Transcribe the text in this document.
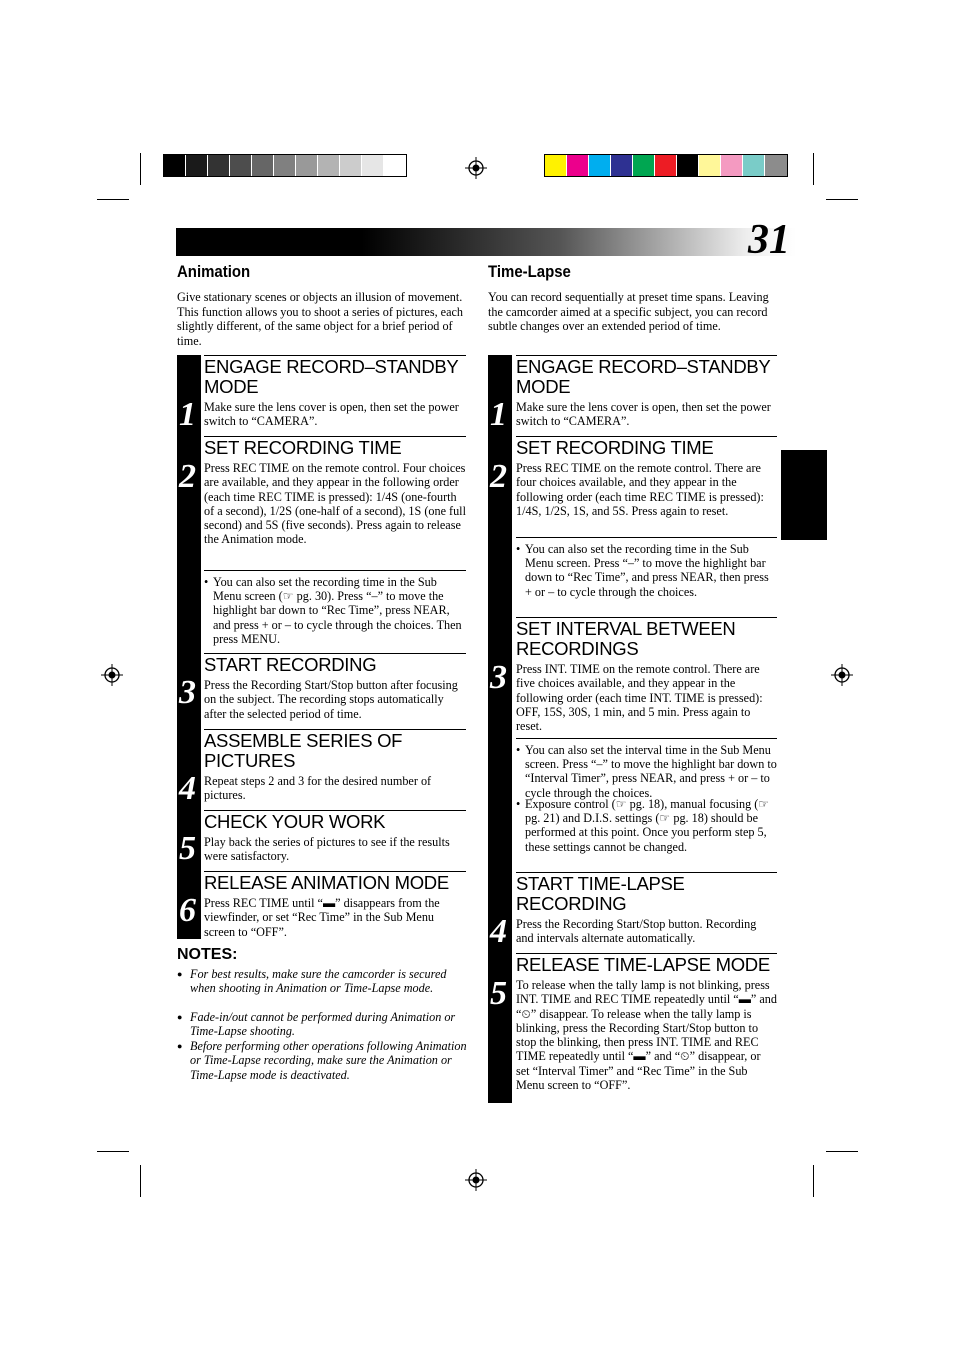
31
Animation
Give stationary scenes or objects an illusion of movement. This function allows you to shoot a series of pictures, each slightly different, of the same object for a brief period of time.
1
ENGAGE RECORD–STANDBY MODE

Make sure the lens cover is open, then set the power switch to “CAMERA”.

2
SET RECORDING TIME

Press REC TIME on the remote control. Four choices are available, and they appear in the following order (each time REC TIME is pressed): 1/4S (one-fourth of a second), 1/2S (one-half of a second), 1S (one full second) and 5S (five seconds). Press again to release the Animation mode.

• You can also set the recording time in the Sub Menu screen (☞ pg. 30). Press “–” to move the highlight bar down to “Rec Time”, press NEAR, and press + or – to cycle through the choices. Then press MENU.
3
START RECORDING

Press the Recording Start/Stop button after focusing on the subject. The recording stops automatically after the selected period of time.

4
ASSEMBLE SERIES OF PICTURES

Repeat steps 2 and 3 for the desired number of pictures.

5
CHECK YOUR WORK

Play back the series of pictures to see if the results were satisfactory.

6
RELEASE ANIMATION MODE

Press REC TIME until “▬” disappears from the viewfinder, or set “Rec Time” in the Sub Menu screen to “OFF”.

NOTES:
● For best results, make sure the camcorder is secured when shooting in Animation or Time-Lapse mode.
● Fade-in/out cannot be performed during Animation or Time-Lapse shooting.
● Before performing other operations following Animation or Time-Lapse recording, make sure the Animation or Time-Lapse mode is deactivated.
Time-Lapse
You can record sequentially at preset time spans. Leaving the camcorder aimed at a specific subject, you can record subtle changes over an extended period of time.
1
ENGAGE RECORD–STANDBY MODE

Make sure the lens cover is open, then set the power switch to “CAMERA”.

2
SET RECORDING TIME

Press REC TIME on the remote control. There are four choices available, and they appear in the following order (each time REC TIME is pressed): 1/4S, 1/2S, 1S, and 5S. Press again to reset.

• You can also set the recording time in the Sub Menu screen. Press “–” to move the highlight bar down to “Rec Time”, and press NEAR, then press + or – to cycle through the choices.
3
SET INTERVAL BETWEEN RECORDINGS

Press INT. TIME on the remote control. There are five choices available, and they appear in the following order (each time INT. TIME is pressed): OFF, 15S, 30S, 1 min, and 5 min. Press again to reset.

• You can also set the interval time in the Sub Menu screen. Press “–” to move the highlight bar down to “Interval Timer”, press NEAR, and press + or – to cycle through the choices.
• Exposure control (☞ pg. 18), manual focusing (☞ pg. 21) and D.I.S. settings (☞ pg. 18) should be performed at this point. Once you perform step 5, these settings cannot be changed.
4
START TIME-LAPSE RECORDING

Press the Recording Start/Stop button. Recording and intervals alternate automatically.

5
RELEASE TIME-LAPSE MODE

To release when the tally lamp is not blinking, press INT. TIME and REC TIME repeatedly until “▬” and “⏲” disappear. To release when the tally lamp is blinking, press the Recording Start/Stop button to stop the blinking, then press INT. TIME and REC TIME repeatedly until “▬” and “⏲” disappear, or set “Interval Timer” and “Rec Time” in the Sub Menu screen to “OFF”.
